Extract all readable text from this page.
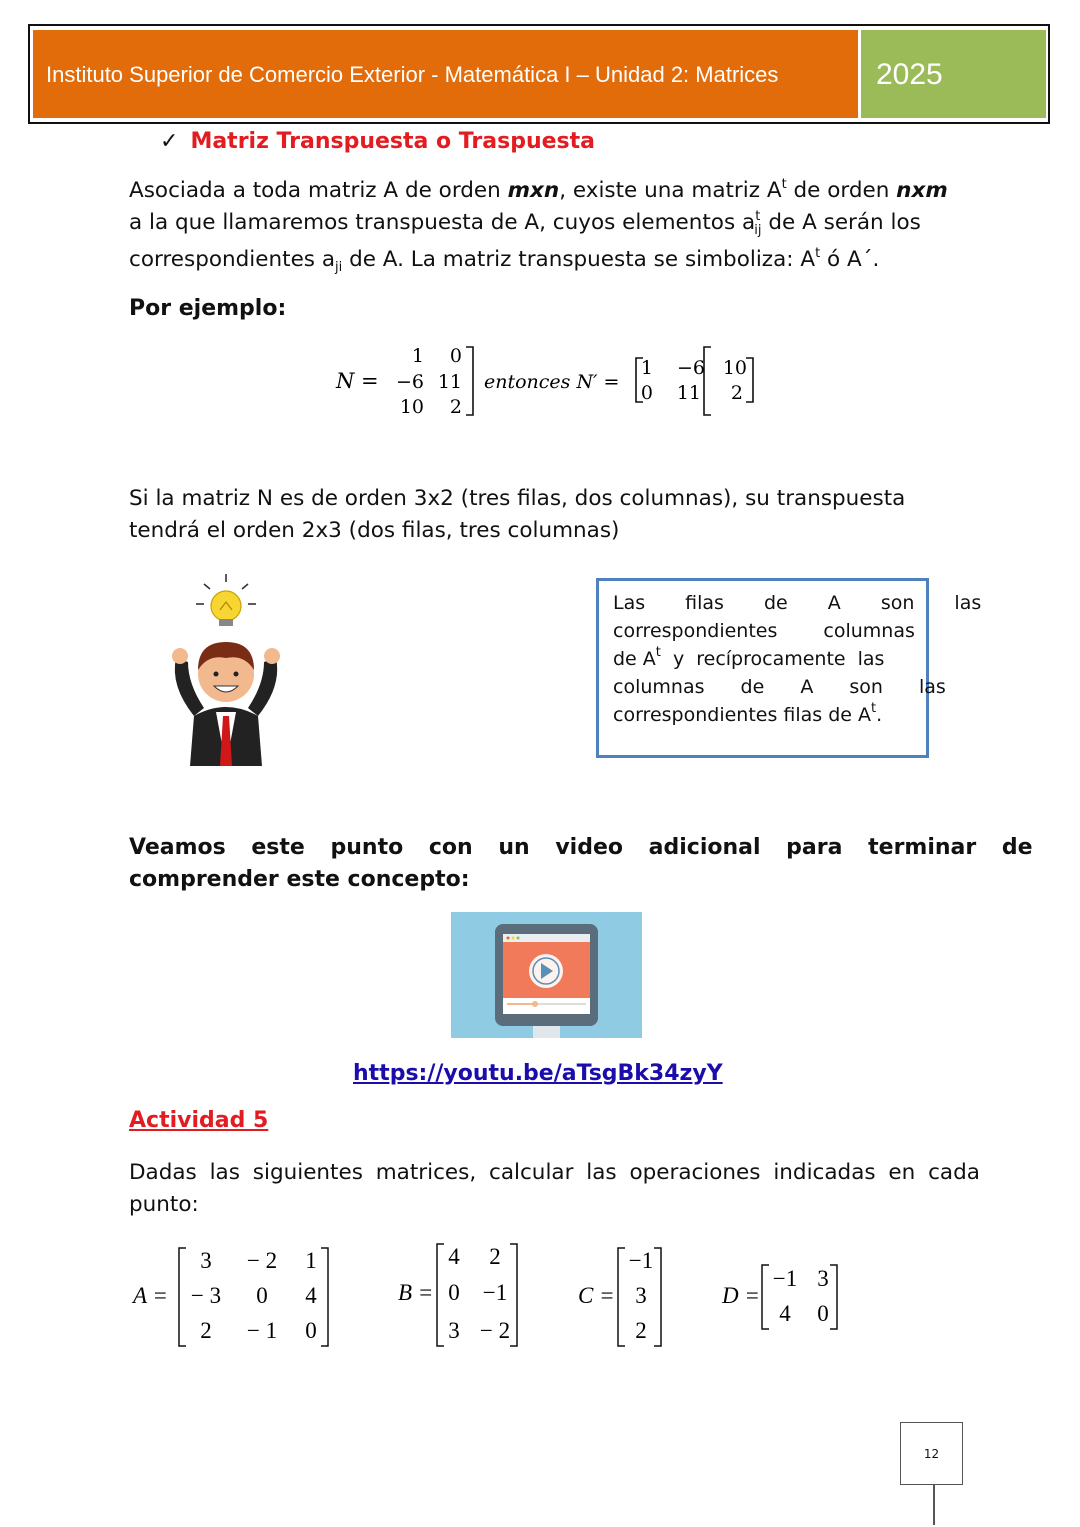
Instituto Superior de Comercio Exterior - Matemática I – Unidad 2: Matrices	2025
✓ Matriz Transpuesta o Traspuesta
Asociada a toda matriz A de orden mxn, existe una matriz $A^t$ de orden nxm
a la que llamaremos transpuesta de A, cuyos elementos $a^t_{ij}$ de A serán los
correspondientes $a_{ji}$ de A. La matriz transpuesta se simboliza: $A^t$ ó A´.
Por ejemplo:
N =
1 0
−6 11
10 2
entonces N′ =
1 −6 10
0 11 2
Si la matriz N es de orden 3x2 (tres filas, dos columnas), su transpuesta
tendrá el orden 2x3 (dos filas, tres columnas)
Las filas de A son las
correspondientes columnas
de $A^t$ y recíprocamente las
columnas de A son las
correspondientes filas de $A^t$.
Veamos este punto con un video adicional para terminar de
comprender este concepto:
https://youtu.be/aTsgBk34zyY
Actividad 5
Dadas las siguientes matrices, calcular las operaciones indicadas en cada
punto:
A =
3 − 2 1
− 3 0 4
2 − 1 0
B =
4 2
0 −1
3 − 2
C =
−1
3
2
D =
−1 3
4 0
12
